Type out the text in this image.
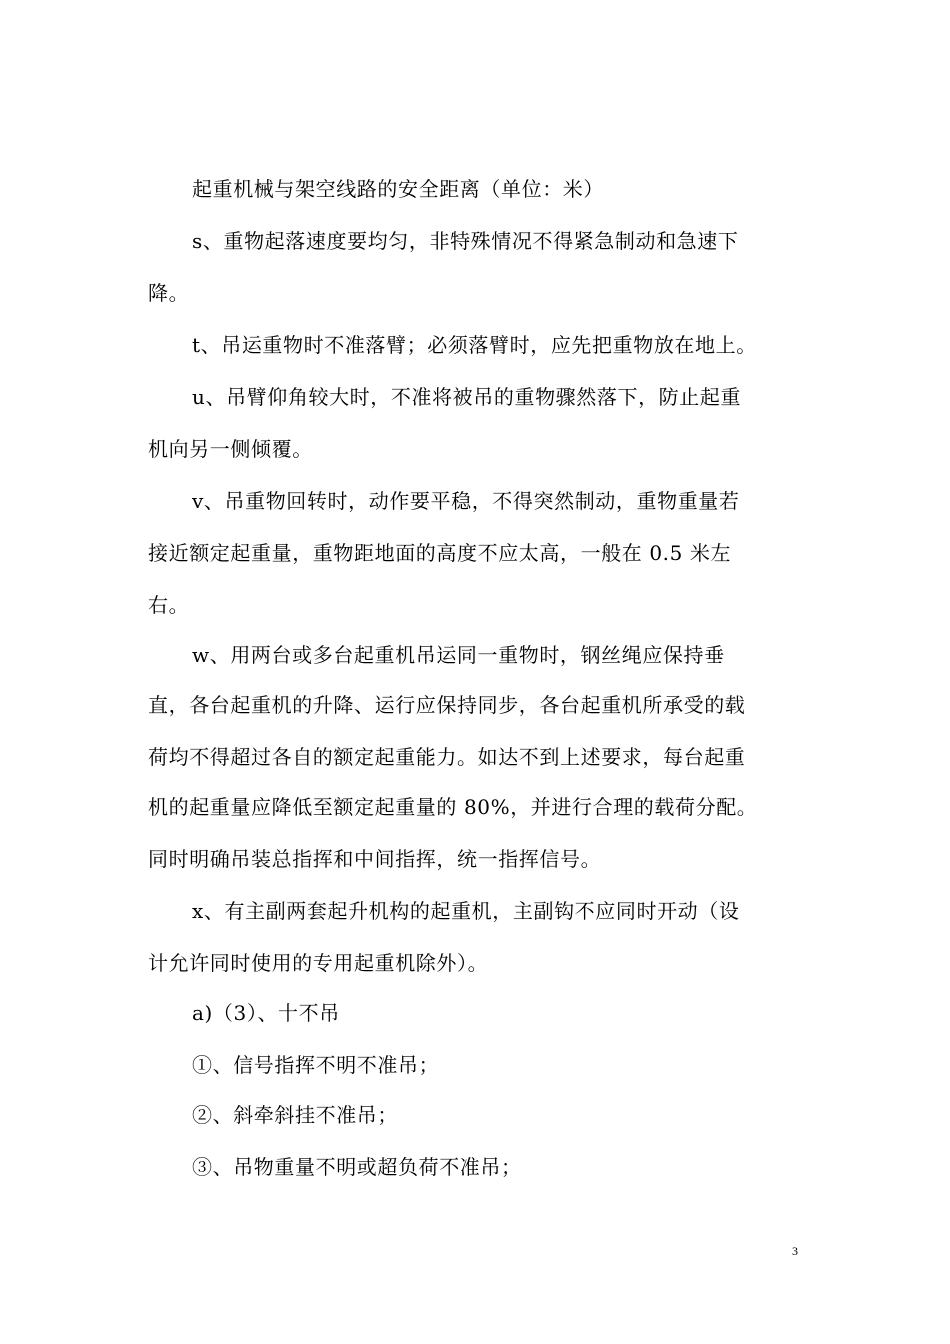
起重机械与架空线路的安全距离（单位：米）
s、重物起落速度要均匀，非特殊情况不得紧急制动和急速下
降。
t、吊运重物时不准落臂；必须落臂时，应先把重物放在地上。
u、吊臂仰角较大时，不准将被吊的重物骤然落下，防止起重
机向另一侧倾覆。
v、吊重物回转时，动作要平稳，不得突然制动，重物重量若
接近额定起重量，重物距地面的高度不应太高，一般在 0.5 米左
右。
w、用两台或多台起重机吊运同一重物时，钢丝绳应保持垂
直，各台起重机的升降、运行应保持同步，各台起重机所承受的载
荷均不得超过各自的额定起重能力。如达不到上述要求，每台起重
机的起重量应降低至额定起重量的 80%，并进行合理的载荷分配。
同时明确吊装总指挥和中间指挥，统一指挥信号。
x、有主副两套起升机构的起重机，主副钩不应同时开动（设
计允许同时使用的专用起重机除外）。
a)（3）、十不吊
①、信号指挥不明不准吊；
②、斜牵斜挂不准吊；
③、吊物重量不明或超负荷不准吊；
3
